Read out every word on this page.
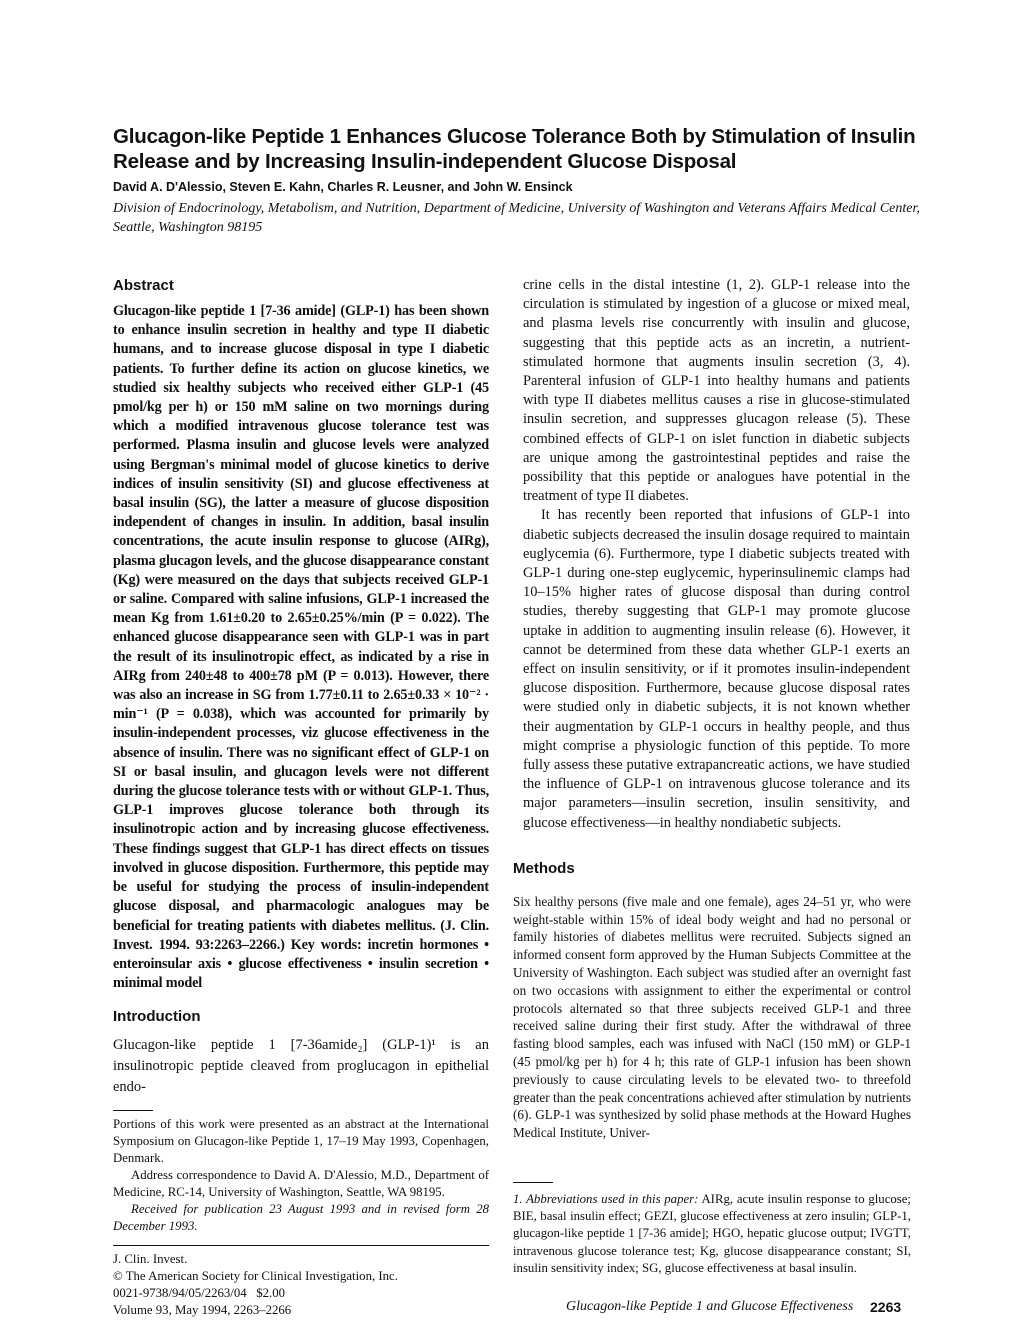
Glucagon-like Peptide 1 Enhances Glucose Tolerance Both by Stimulation of Insulin Release and by Increasing Insulin-independent Glucose Disposal
David A. D'Alessio, Steven E. Kahn, Charles R. Leusner, and John W. Ensinck
Division of Endocrinology, Metabolism, and Nutrition, Department of Medicine, University of Washington and Veterans Affairs Medical Center, Seattle, Washington 98195
Abstract

Glucagon-like peptide 1 [7-36 amide] (GLP-1) has been shown to enhance insulin secretion in healthy and type II diabetic humans, and to increase glucose disposal in type I diabetic patients. To further define its action on glucose kinetics, we studied six healthy subjects who received either GLP-1 (45 pmol/kg per h) or 150 mM saline on two mornings during which a modified intravenous glucose tolerance test was performed. Plasma insulin and glucose levels were analyzed using Bergman's minimal model of glucose kinetics to derive indices of insulin sensitivity (SI) and glucose effectiveness at basal insulin (SG), the latter a measure of glucose disposition independent of changes in insulin. In addition, basal insulin concentrations, the acute insulin response to glucose (AIRg), plasma glucagon levels, and the glucose disappearance constant (Kg) were measured on the days that subjects received GLP-1 or saline. Compared with saline infusions, GLP-1 increased the mean Kg from 1.61±0.20 to 2.65±0.25%/min (P = 0.022). The enhanced glucose disappearance seen with GLP-1 was in part the result of its insulinotropic effect, as indicated by a rise in AIRg from 240±48 to 400±78 pM (P = 0.013). However, there was also an increase in SG from 1.77±0.11 to 2.65±0.33 × 10⁻² · min⁻¹ (P = 0.038), which was accounted for primarily by insulin-independent processes, viz glucose effectiveness in the absence of insulin. There was no significant effect of GLP-1 on SI or basal insulin, and glucagon levels were not different during the glucose tolerance tests with or without GLP-1. Thus, GLP-1 improves glucose tolerance both through its insulinotropic action and by increasing glucose effectiveness. These findings suggest that GLP-1 has direct effects on tissues involved in glucose disposition. Furthermore, this peptide may be useful for studying the process of insulin-independent glucose disposal, and pharmacologic analogues may be beneficial for treating patients with diabetes mellitus. (J. Clin. Invest. 1994. 93:2263–2266.) Key words: incretin hormones • enteroinsular axis • glucose effectiveness • insulin secretion • minimal model

Introduction

Glucagon-like peptide 1 [7-36amide₂] (GLP-1)¹ is an insulinotropic peptide cleaved from proglucagon in epithelial endo-

Portions of this work were presented as an abstract at the International Symposium on Glucagon-like Peptide 1, 17–19 May 1993, Copenhagen, Denmark.

Address correspondence to David A. D'Alessio, M.D., Department of Medicine, RC-14, University of Washington, Seattle, WA 98195.

Received for publication 23 August 1993 and in revised form 28 December 1993.

J. Clin. Invest.

© The American Society for Clinical Investigation, Inc.

0021-9738/94/05/2263/04   $2.00

Volume 93, May 1994, 2263–2266

crine cells in the distal intestine (1, 2). GLP-1 release into the circulation is stimulated by ingestion of a glucose or mixed meal, and plasma levels rise concurrently with insulin and glucose, suggesting that this peptide acts as an incretin, a nutrient-stimulated hormone that augments insulin secretion (3, 4). Parenteral infusion of GLP-1 into healthy humans and patients with type II diabetes mellitus causes a rise in glucose-stimulated insulin secretion, and suppresses glucagon release (5). These combined effects of GLP-1 on islet function in diabetic subjects are unique among the gastrointestinal peptides and raise the possibility that this peptide or analogues have potential in the treatment of type II diabetes.

It has recently been reported that infusions of GLP-1 into diabetic subjects decreased the insulin dosage required to maintain euglycemia (6). Furthermore, type I diabetic subjects treated with GLP-1 during one-step euglycemic, hyperinsulinemic clamps had 10–15% higher rates of glucose disposal than during control studies, thereby suggesting that GLP-1 may promote glucose uptake in addition to augmenting insulin release (6). However, it cannot be determined from these data whether GLP-1 exerts an effect on insulin sensitivity, or if it promotes insulin-independent glucose disposition. Furthermore, because glucose disposal rates were studied only in diabetic subjects, it is not known whether their augmentation by GLP-1 occurs in healthy people, and thus might comprise a physiologic function of this peptide. To more fully assess these putative extrapancreatic actions, we have studied the influence of GLP-1 on intravenous glucose tolerance and its major parameters—insulin secretion, insulin sensitivity, and glucose effectiveness—in healthy nondiabetic subjects.

Methods

Six healthy persons (five male and one female), ages 24–51 yr, who were weight-stable within 15% of ideal body weight and had no personal or family histories of diabetes mellitus were recruited. Subjects signed an informed consent form approved by the Human Subjects Committee at the University of Washington. Each subject was studied after an overnight fast on two occasions with assignment to either the experimental or control protocols alternated so that three subjects received GLP-1 and three received saline during their first study. After the withdrawal of three fasting blood samples, each was infused with NaCl (150 mM) or GLP-1 (45 pmol/kg per h) for 4 h; this rate of GLP-1 infusion has been shown previously to cause circulating levels to be elevated two- to threefold greater than the peak concentrations achieved after stimulation by nutrients (6). GLP-1 was synthesized by solid phase methods at the Howard Hughes Medical Institute, Univer-

1. Abbreviations used in this paper: AIRg, acute insulin response to glucose; BIE, basal insulin effect; GEZI, glucose effectiveness at zero insulin; GLP-1, glucagon-like peptide 1 [7-36 amide]; HGO, hepatic glucose output; IVGTT, intravenous glucose tolerance test; Kg, glucose disappearance constant; SI, insulin sensitivity index; SG, glucose effectiveness at basal insulin.

Glucagon-like Peptide 1 and Glucose Effectiveness 2263
